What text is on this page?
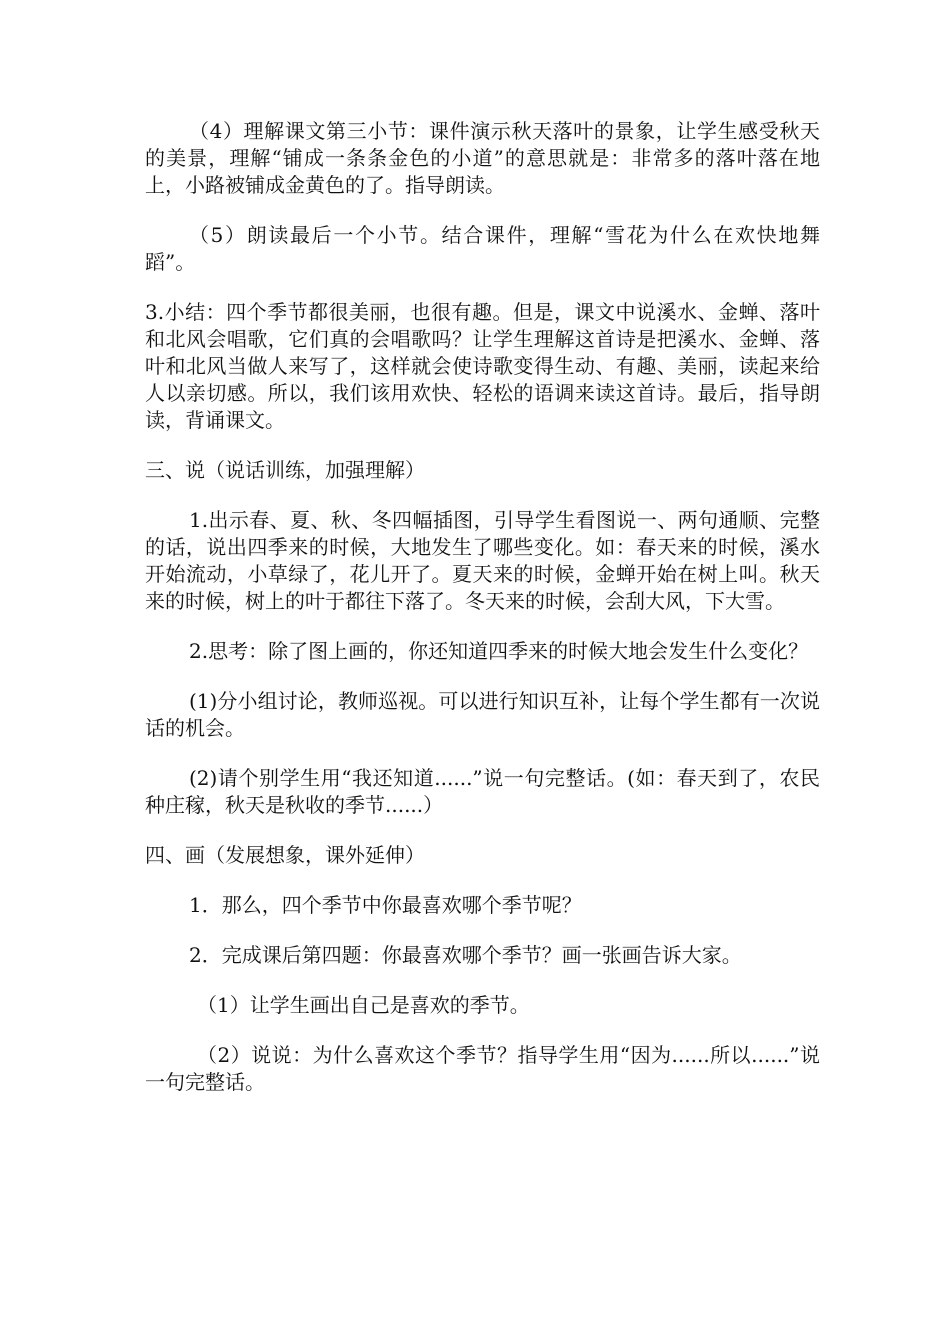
（4）理解课文第三小节：课件演示秋天落叶的景象，让学生感受秋天的美景，理解“铺成一条条金色的小道”的意思就是：非常多的落叶落在地上，小路被铺成金黄色的了。指导朗读。

（5）朗读最后一个小节。结合课件，理解“雪花为什么在欢快地舞蹈”。

3.小结：四个季节都很美丽，也很有趣。但是，课文中说溪水、金蝉、落叶和北风会唱歌，它们真的会唱歌吗？让学生理解这首诗是把溪水、金蝉、落叶和北风当做人来写了，这样就会使诗歌变得生动、有趣、美丽，读起来给人以亲切感。所以，我们该用欢快、轻松的语调来读这首诗。最后，指导朗读，背诵课文。

三、说（说话训练，加强理解）

1.出示春、夏、秋、冬四幅插图，引导学生看图说一、两句通顺、完整的话，说出四季来的时候，大地发生了哪些变化。如：春天来的时候，溪水开始流动，小草绿了，花儿开了。夏天来的时候，金蝉开始在树上叫。秋天来的时候，树上的叶于都往下落了。冬天来的时候，会刮大风，下大雪。

2.思考：除了图上画的，你还知道四季来的时候大地会发生什么变化？

(1)分小组讨论，教师巡视。可以进行知识互补，让每个学生都有一次说话的机会。

(2)请个别学生用“我还知道......”说一句完整话。(如：春天到了，农民种庄稼，秋天是秋收的季节......）

四、画（发展想象，课外延伸）

1．那么，四个季节中你最喜欢哪个季节呢？

2．完成课后第四题：你最喜欢哪个季节？画一张画告诉大家。

（1）让学生画出自己是喜欢的季节。

（2）说说：为什么喜欢这个季节？指导学生用“因为......所以......”说一句完整话。
